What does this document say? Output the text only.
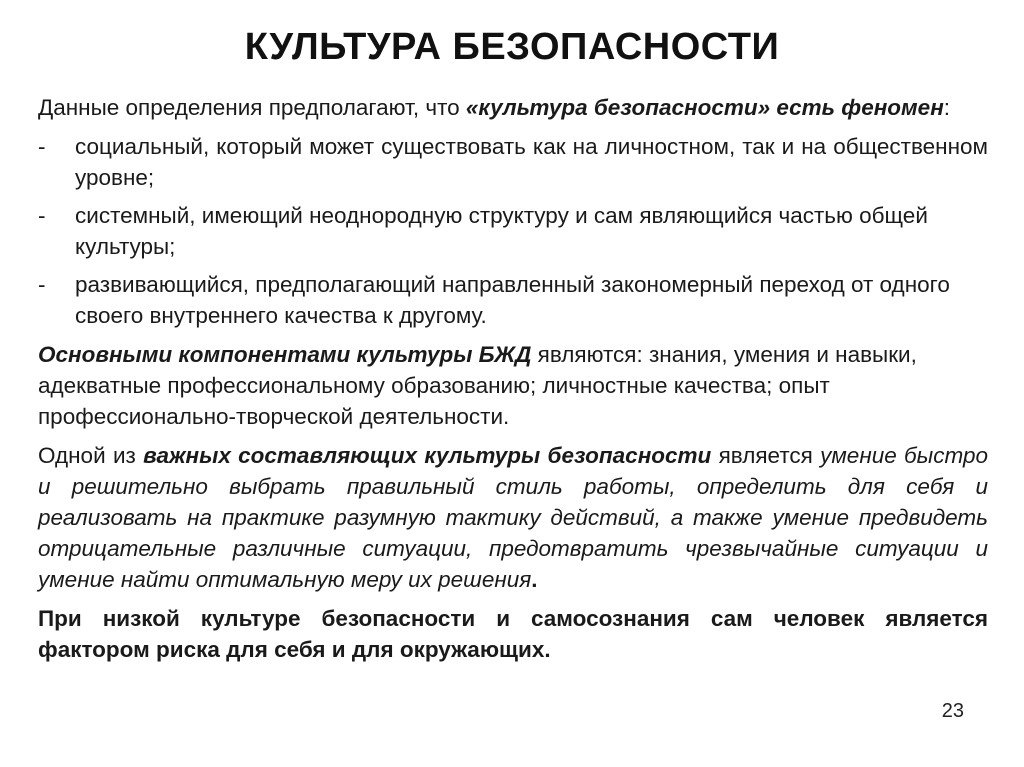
КУЛЬТУРА БЕЗОПАСНОСТИ

Данные определения предполагают, что «культура безопасности» есть феномен:

-	социальный, который может существовать как на личностном, так и на общественном уровне;
-	системный, имеющий неоднородную структуру и сам являющийся частью общей культуры;
-	развивающийся, предполагающий направленный закономерный переход от одного своего внутреннего качества к другому.

Основными компонентами культуры БЖД являются: знания, умения и навыки, адекватные профессиональному образованию; личностные качества; опыт профессионально-творческой деятельности.

Одной из важных составляющих культуры безопасности является умение быстро и решительно выбрать правильный стиль работы, определить для себя и реализовать на практике разумную тактику действий, а также умение предвидеть отрицательные различные ситуации, предотвратить чрезвычайные ситуации и умение найти оптимальную меру их решения.

При низкой культуре безопасности и самосознания сам человек является фактором риска для себя и для окружающих.

23
